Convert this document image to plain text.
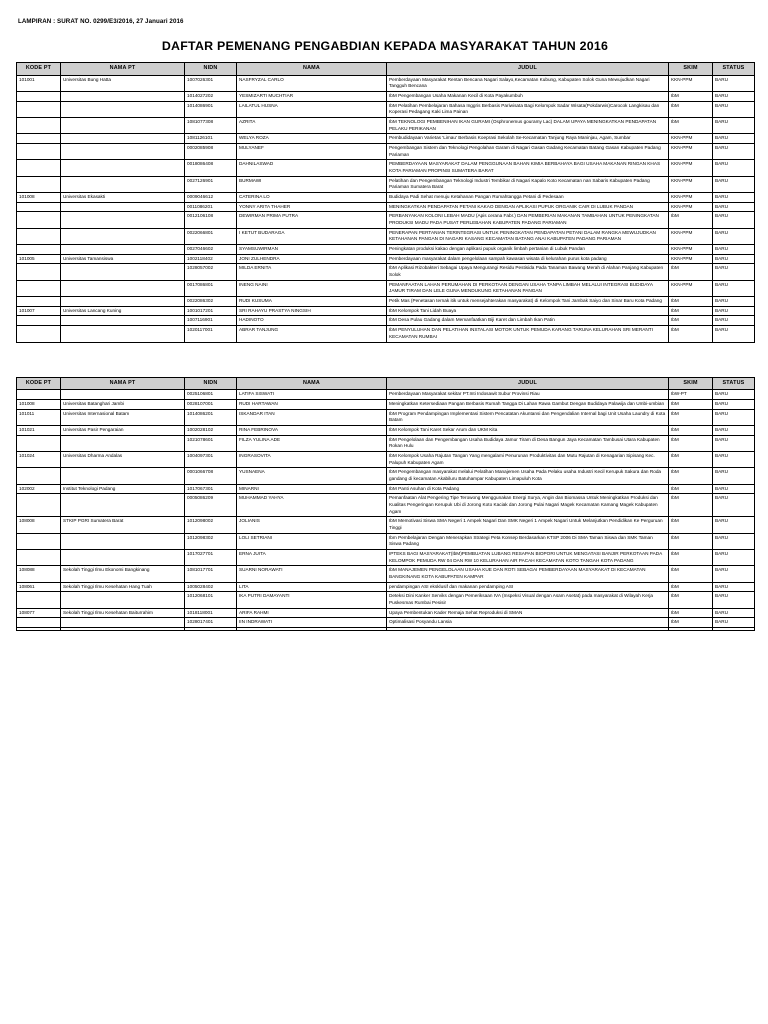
LAMPIRAN : SURAT NO. 0299/E3/2016, 27 Januari 2016
DAFTAR PEMENANG PENGABDIAN KEPADA MASYARAKAT TAHUN 2016
KODE PT	NAMA PT	NIDN	NAMA	JUDUL	SKIM	STATUS
101001	Universitas Bung Hatta	1007026301	NASFRYZAL CARLO	Pemberdayaan Masyarakat Rentan Bencana Nagari Salayo,Kecamatan Kubung, Kabupaten Solok Guna Mewujudkan Nagari Tangguh Bencana	KKN-PPM	BARU
		1014027202	YESMIZARTI MUCHTIAR	IbM Pengembangan Usaha Makanan Kecil di Kota Payakumbuh	IbM	BARU
		1014086901	LAILATUL HUSNA	IbM Pelatihan Pembelajaran Bahasa Inggris Berbasis Pariwisata Bagi Kelompok Sadar Wisata(Pokdarwis)Carocok Langkisau dan Koperasi Pedagang Kaki Lima Painan	IbM	BARU
		1081077308	AZRITA	IbM TEKNOLOGI PEMBENIHAN IKAN GURAMI (Osphronemus gouramy Lac) DALAM UPAYA MENINGKATKAN PENDAPATAN PELAKU PERIKANAN	IbM	BARU
		1081126101	WELYA ROZA	Pembudidayaan Varietas 'Limau' Berbasis Koeprasi Sekolah Se-Kecamatan Tanjung Raya Maninjau, Agam, Sumbar	KKN-PPM	BARU
		0002085908	MULYANEF	Pengembangan Sistem dan Teknologi Pengolahan Garam di Nagari Gasan Gadang Kecamatan Batang Gasan Kabupaten Padang Pariaman	KKN-PPM	BARU
		0018086408	DAHNILASWAD	PEMBERDAYAAN MASYARAKAT DALAM PENGGUNAAN BAHAN KIMIA BERBAHAYA BAGI USAHA MAKANAN RINGAN KHAS KOTA PARIAMAN PROPINSI SUMATERA BARAT	KKN-PPM	BARU
		0027126901	BURMAWI	Pelatihan dan Pengembangan Teknologi Industri Tembikar di Nagari Kapalo Koto Kecamatan nan Sabaris Kabupaten Padang Pariaman Sumatera Barat	KKN-PPM	BARU
101008	Universitas Ekasakti	0009046612	CATERINA LO	Budidaya Padi Sehat menuju Ketahanan Pangan Rumahtangga Petani di Pedesaan	KKN-PPM	BARU
		0011086201	YONNY ARITA THAHER	MENINGKATKAN PENDAPATAN PETANI KAKAO DENGAN APLIKASI PUPUK ORGANIK CAIR DI LUBUK PANDAN	KKN-PPM	BARU
		0012106108	DEWIRMAN PRIMA PUTRA	PERBANYAKAN KOLONI LEBAH MADU (Apis cerana Fabr.) DAN PEMBERIAN MAKANAN TAMBAHAN UNTUK PENINGKATAN PRODUKSI MADU PADA PUSAT PERLEBAHAN KABUPATEN PADANG PARIAMAN	IbM	BARU
		0022066801	I KETUT BUDARAGA	PENERAPAN PERTANIAN TERINTEGRASI UNTUK PENINGKATAN PENDAPATAN PETANI DALAM RANGKA MEWUJUDKAN KETAHANAN PANGAN DI NAGARI KASANG KECAMATAN BATANG ANAI KABUPATEN PADANG PARIAMAN	KKN-PPM	BARU
		0027046602	SYAMSUWIRMAN	Peningkatan produksi kakao dengan aplikasi pupuk organik limbah pertanian di Lubuk Pandan	KKN-PPM	BARU
101005	Universitas Tamansiswa	1002118402	JONI ZULHENDRA	Pemberdayaan masyarakat dalam pengelolaan sampah kawasan wisata di kelurahan purus kota padang	KKN-PPM	BARU
		1028057002	MILDA ERNITA	IbM Aplikasi Rizobakteri Sebagai Upaya Mengurangi Residu Pestisida Pada Tanaman Bawang Merah di Alahan Panjang Kabupaten Solok	IbM	BARU
		0017086801	INENG NAINI	PEMANFAATAN LAHAN PERUMAHAN DI PERKOTAAN DENGAN USAHA TANPA LIMBAH MELALUI INTEGRASI BUDIDAYA JAMUR TIRAM DAN LELE GUNA MENDUKUNG KETAHANAN PANGAN	KKN-PPM	BARU
		0022086302	RUDI KUSUMA	Petik Mas (Penetasan ternak itik untuk mensejahterakan masyarakat) di Kelompok Tani Jambak Saiyo dan Sinar Baru Kota Padang	IbM	BARU
101007	Universitas Lancang Kuning	1001017201	SRI RAHAYU PRASTYA NINGSIH	IbM Kelompok Tani Lidah Buaya	IbM	BARU
		1007116901	HADINOTO	IbM Desa Pulau Gadang dalam Memanfaatkan Biji Karet dan Limbah Ikan Patin	IbM	BARU
		1020117001	ABRAR TANJUNG	IbM PENYULUHAN DAN PELATIHAN INSTALASI MOTOR UNTUK PEMUDA KARANG TARUNA KELURAHAN SRI MERANTI KECAMATAN RUMBAI	IbM	BARU
KODE PT	NAMA PT	NIDN	NAMA	JUDUL	SKIM	STATUS
		0025106801	LATIFA SISWATI	Pemberdayaan Masyarakat sekitar PT.Inti Indosawit Subur Provinsi Riau	IbW-PT	BARU
101008	Universitas Batanghari Jambi	0028107001	RUDI HARTAWAN	Meningkatkan Ketersediaan Pangan Berbasis Rumah Tangga Di Lahan Rawa Gambut Dengan Budidaya Palawija dan Umbi-umbian	IbM	BARU
101011	Universitas Internasional Batam	1014086201	ISKANDAR ITAN	IbM Program Pendampingan Implementasi Sistem Pencatatan Akuntansi dan Pengendalian Internal bagi Unit Usaha Laundry di Kota Batam	IbM	BARU
101021	Universitas Pasir Pengaraian	1002028102	RINA FEBRINOVA	IbM Kelompok Tani Karet Sekar Arum dan UKM Kita	IbM	BARU
		1021078601	FILZA YULINA ADE	IbM Pengelolaan dan Pengembangan Usaha Budidaya Jamur Tiram di Desa Bangun Jaya Kecamatan Tambusai Utara Kabupaten Rokan Hulu	IbM	BARU
101024	Universitas Dharma Andalas	1004097301	INGRASOVITA	IbM Kelompok Usaha Rajutan Tangan Yang mengalami Penurunan Produktivitas dan Mutu Rajutan di Kenagarian Sipisang Kec. Palupuh Kabupaten Agam	IbM	BARU
		0001066708	YUSNAENA	IbM Pengembangan masyarakat melalui Pelatihan Manajemen Usaha Pada Pelaku usaha Industri Kecil Kerupuk Sakura dan Roda gandang di kecamatan Akabiluru Batuhampar Kabupaten Limapuluh Kota	IbM	BARU
102002	Institut Teknologi Padang	1017067301	MINARNI	IbM Panti Asuhan di Kota Padang	IbM	BARU
		0005086209	MUHAMMAD YAHYA	Pemanfaatan Alat Pengering Tipe Terowong Menggunakan Energi Surya, Angin dan Biomassa Untuk Meningkatkan Produksi dan Kualitas Pengeringan Kerupuk Ubi di Jorong Koto Kaciak dan Jorong Pulai Nagari Magek Kecamatan Kamang Magek Kabupaten Agam	IbM	BARU
108008	STKIP PGRI Sumatera Barat	1012098002	JOLIANIS	IbM Memotivasi Siswa SMA Negeri 1 Ampek Nagari Dan SMK Negeri 1 Ampek Nagari Untuk Melanjutkan Pendidikan Ke Perguruan Tinggi	IbM	BARU
		1012098302	LOLI SETRIANI	Ibm Pembelajaran Dengan Menerapkan Strategi Peta Konsep Berdasarkan KTSP 2006 Di SMA Taman Siswa dan SMK Taman Siswa Padang	IbM	BARU
		1017027701	ERNA JUITA	IPTEKS BAGI MASYARAKAT(IbM)PEMBUATAN LUBANG RESAPAN BIOPORI UNTUK MENGATASI BANJIR PERKOTAAN PADA KELOMPOK PEMUDA RW 04 DAN RW 10 KELURAHAN AIR PACAH KECAMATAN KOTO TANGAH KOTA PADANG	IbM	BARU
108088	Sekolah Tinggi Ilmu Ekonomi Bangkinang	1081017701	SUARNI NORAWATI	IbM MANAJEMEN PENGELOLAAN USAHA KUE DAN ROTI SEBAGAI PEMBERDAYAAN MASYARAKAT DI KECAMATAN BANGKINANG KOTA KABUPATEN KAMPAR	IbM	BARU
108061	Sekolah Tinggi Ilmu Kesehatan Hang Tuah	1005028402	LITA	pendampingan ASI eksklusif dan makanan pendamping ASI	IbM	BARU
		1012068101	IKA PUTRI DAMAYANTI	Deteksi Dini Kanker Serviks dengan Pemeriksaan IVA (Inspeksi Visual dengan Asam Asetat) pada masyarakat di Wilayah Kerja Puskesmas Rumbai Pesisir	IbM	BARU
108077	Sekolah Tinggi Ilmu Kesehatan Baiturrahim	1018118001	ARIFA RAHMI	Upaya Pembentukan Kader Remaja Sehat Reproduksi di SMAN	IbM	BARU
		1028017401	IIN INDRAWATI	Optimalisasi Posyandu Lansia	IbM	BARU
